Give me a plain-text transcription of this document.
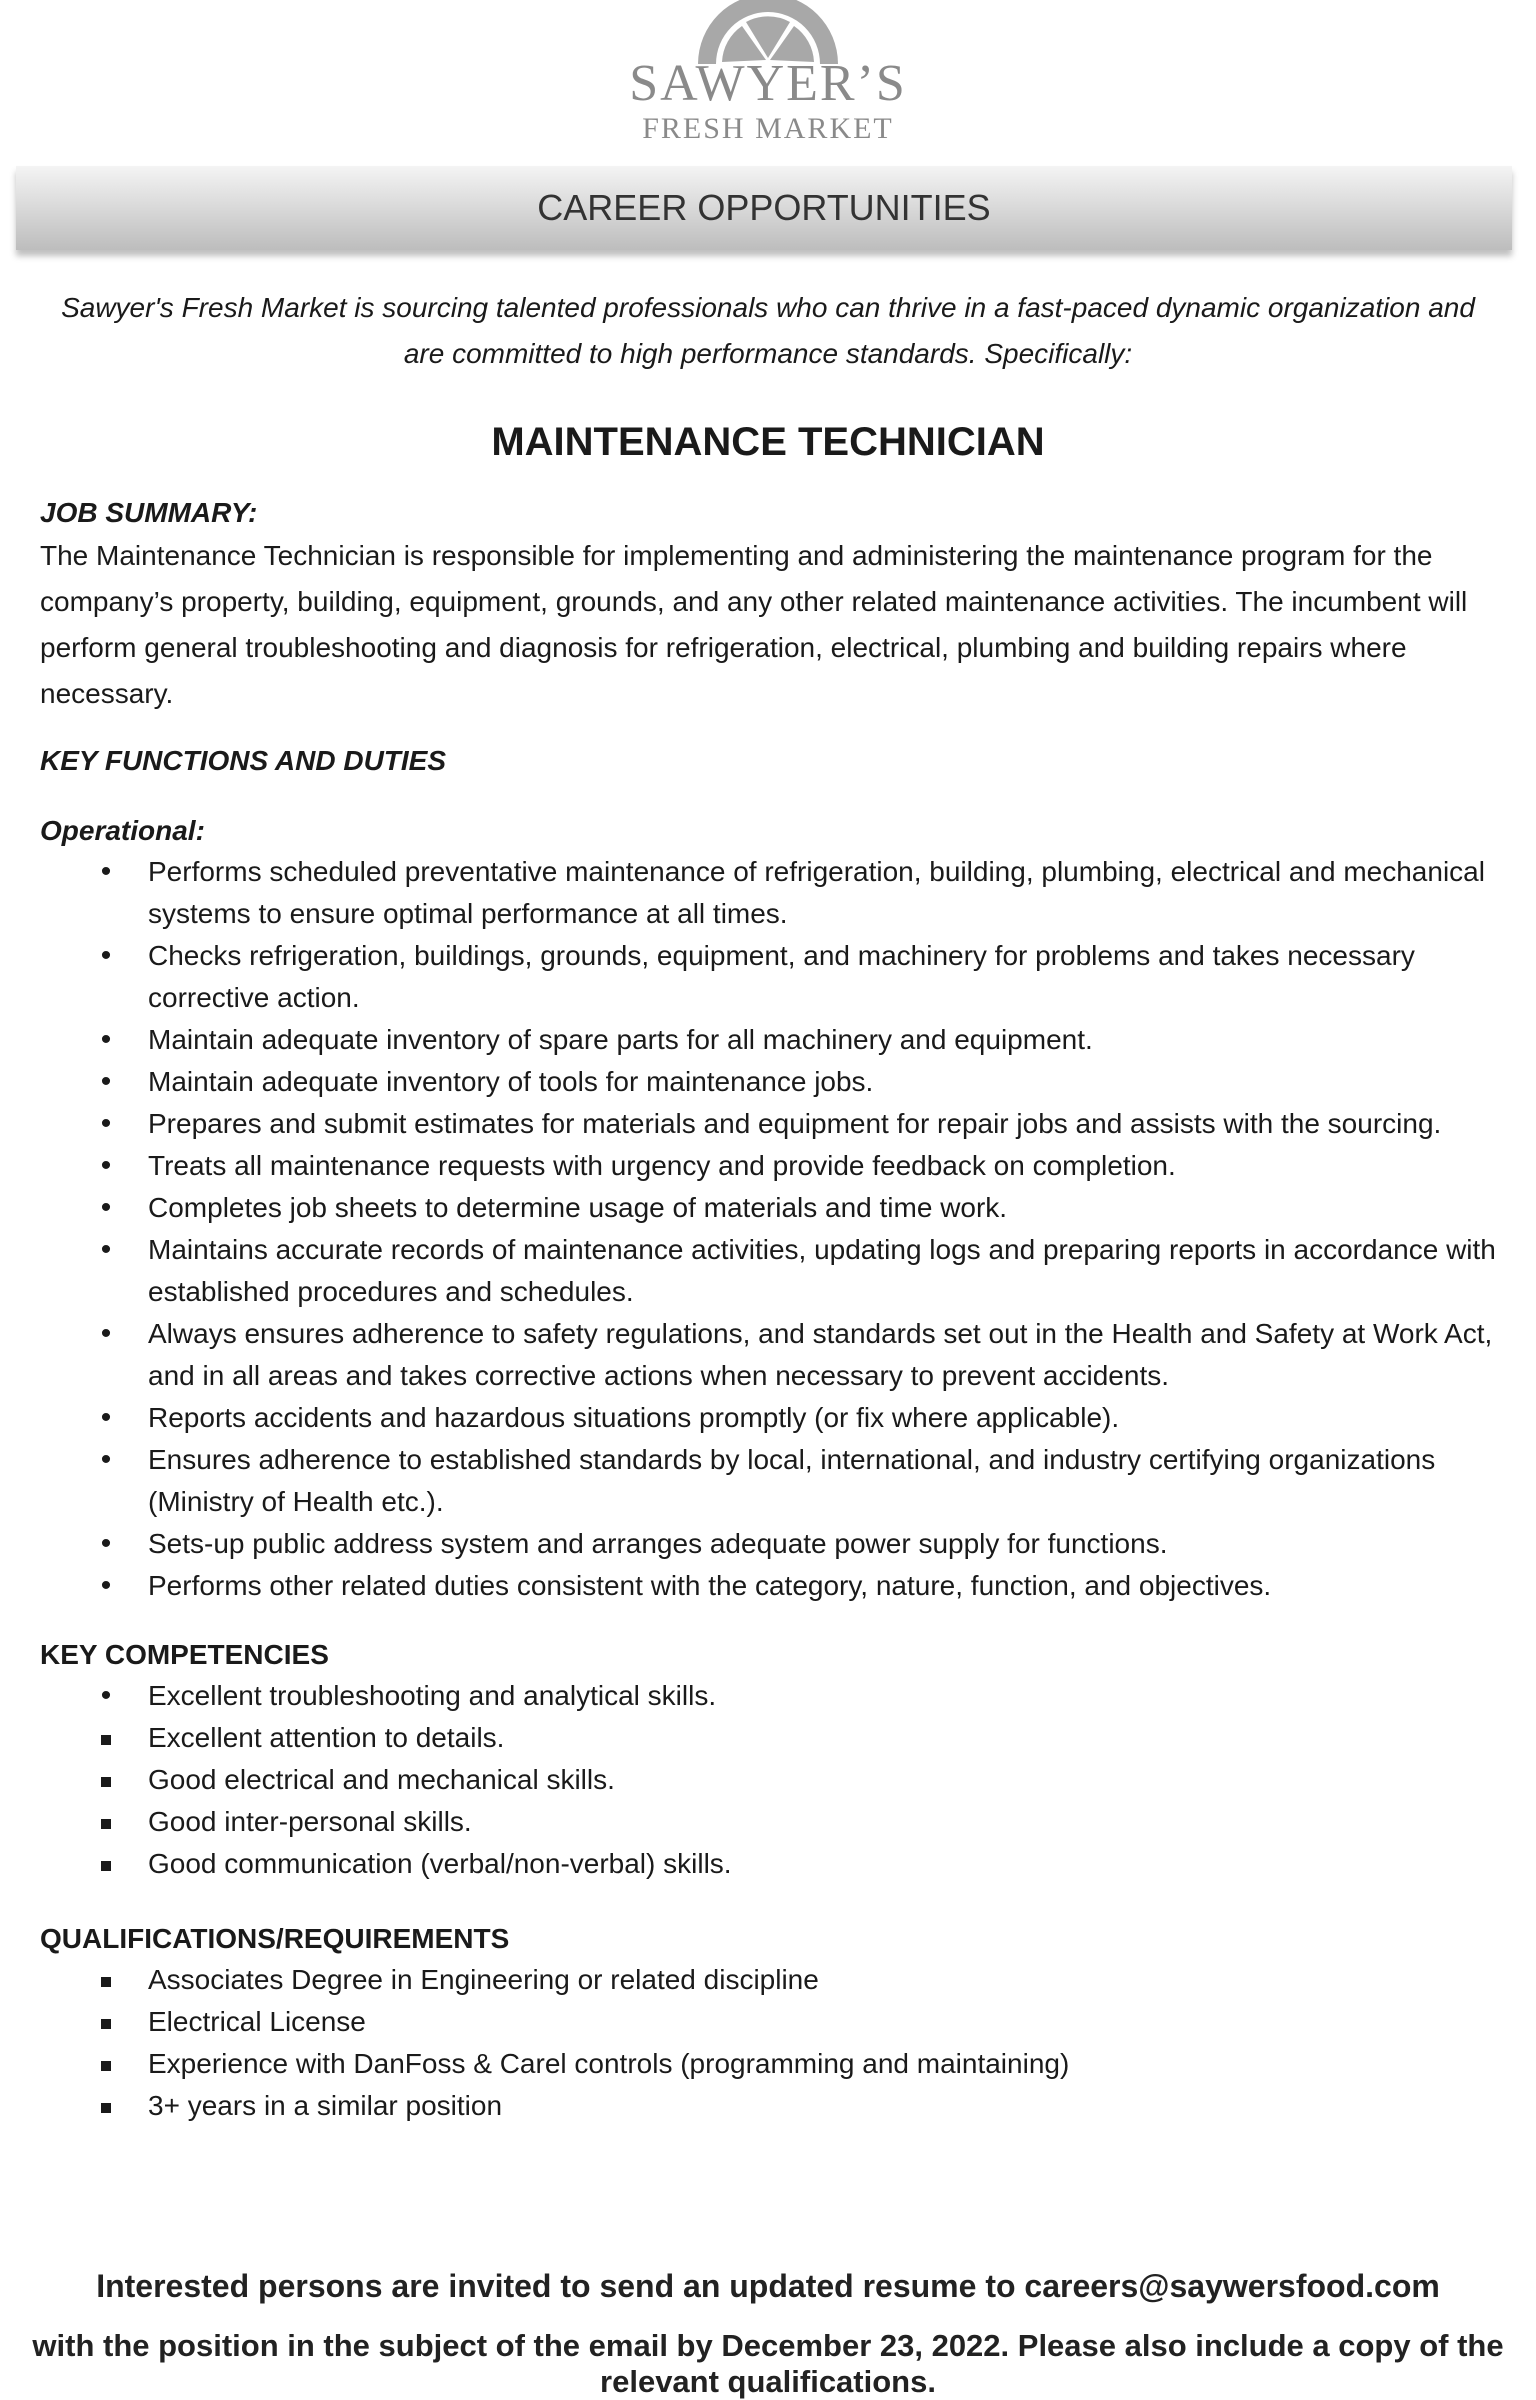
SAWYER’S
FRESH MARKET
CAREER OPPORTUNITIES
Sawyer's Fresh Market is sourcing talented professionals who can thrive in a fast-paced dynamic organization and
are committed to high performance standards. Specifically:
MAINTENANCE TECHNICIAN

JOB SUMMARY:

The Maintenance Technician is responsible for implementing and administering the maintenance program for the company’s property, building, equipment, grounds, and any other related maintenance activities. The incumbent will perform general troubleshooting and diagnosis for refrigeration, electrical, plumbing and building repairs where necessary.

KEY FUNCTIONS AND DUTIES

Operational:

•
Performs scheduled preventative maintenance of refrigeration, building, plumbing, electrical and mechanical systems to ensure optimal performance at all times.
•
Checks refrigeration, buildings, grounds, equipment, and machinery for problems and takes necessary corrective action.
•
Maintain adequate inventory of spare parts for all machinery and equipment.
•
Maintain adequate inventory of tools for maintenance jobs.
•
Prepares and submit estimates for materials and equipment for repair jobs and assists with the sourcing.
•
Treats all maintenance requests with urgency and provide feedback on completion.
•
Completes job sheets to determine usage of materials and time work.
•
Maintains accurate records of maintenance activities, updating logs and preparing reports in accordance with established procedures and schedules.
•
Always ensures adherence to safety regulations, and standards set out in the Health and Safety at Work Act, and in all areas and takes corrective actions when necessary to prevent accidents.
•
Reports accidents and hazardous situations promptly (or fix where applicable).
•
Ensures adherence to established standards by local, international, and industry certifying organizations (Ministry of Health etc.).
•
Sets-up public address system and arranges adequate power supply for functions.
•
Performs other related duties consistent with the category, nature, function, and objectives.

KEY COMPETENCIES

•
Excellent troubleshooting and analytical skills.
Excellent attention to details.
Good electrical and mechanical skills.
Good inter-personal skills.
Good communication (verbal/non-verbal) skills.

QUALIFICATIONS/REQUIREMENTS

Associates Degree in Engineering or related discipline
Electrical License
Experience with DanFoss & Carel controls (programming and maintaining)
3+ years in a similar position
Interested persons are invited to send an updated resume to careers@saywersfood.com
with the position in the subject of the email by December 23, 2022. Please also include a copy of the relevant qualifications.
